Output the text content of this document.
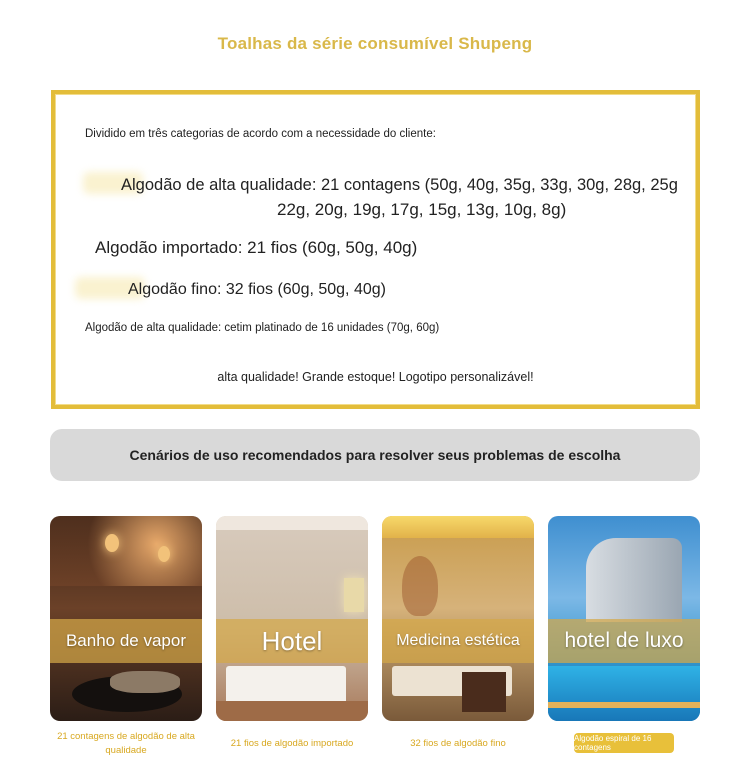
Toalhas da série consumível Shupeng
Dividido em três categorias de acordo com a necessidade do cliente:
Algodão de alta qualidade: 21 contagens (50g, 40g, 35g, 33g, 30g, 28g, 25g
22g, 20g, 19g, 17g, 15g, 13g, 10g, 8g)
Algodão importado: 21 fios (60g, 50g, 40g)
Algodão fino: 32 fios (60g, 50g, 40g)
Algodão de alta qualidade: cetim platinado de 16 unidades (70g, 60g)
alta qualidade! Grande estoque! Logotipo personalizável!
Cenários de uso recomendados para resolver seus problemas de escolha
Banho de vapor	Hotel	Medicina estética	hotel de luxo
21 contagens de algodão de alta qualidade
21 fios de algodão importado	32 fios de algodão fino	Algodão espiral de 16 contagens
